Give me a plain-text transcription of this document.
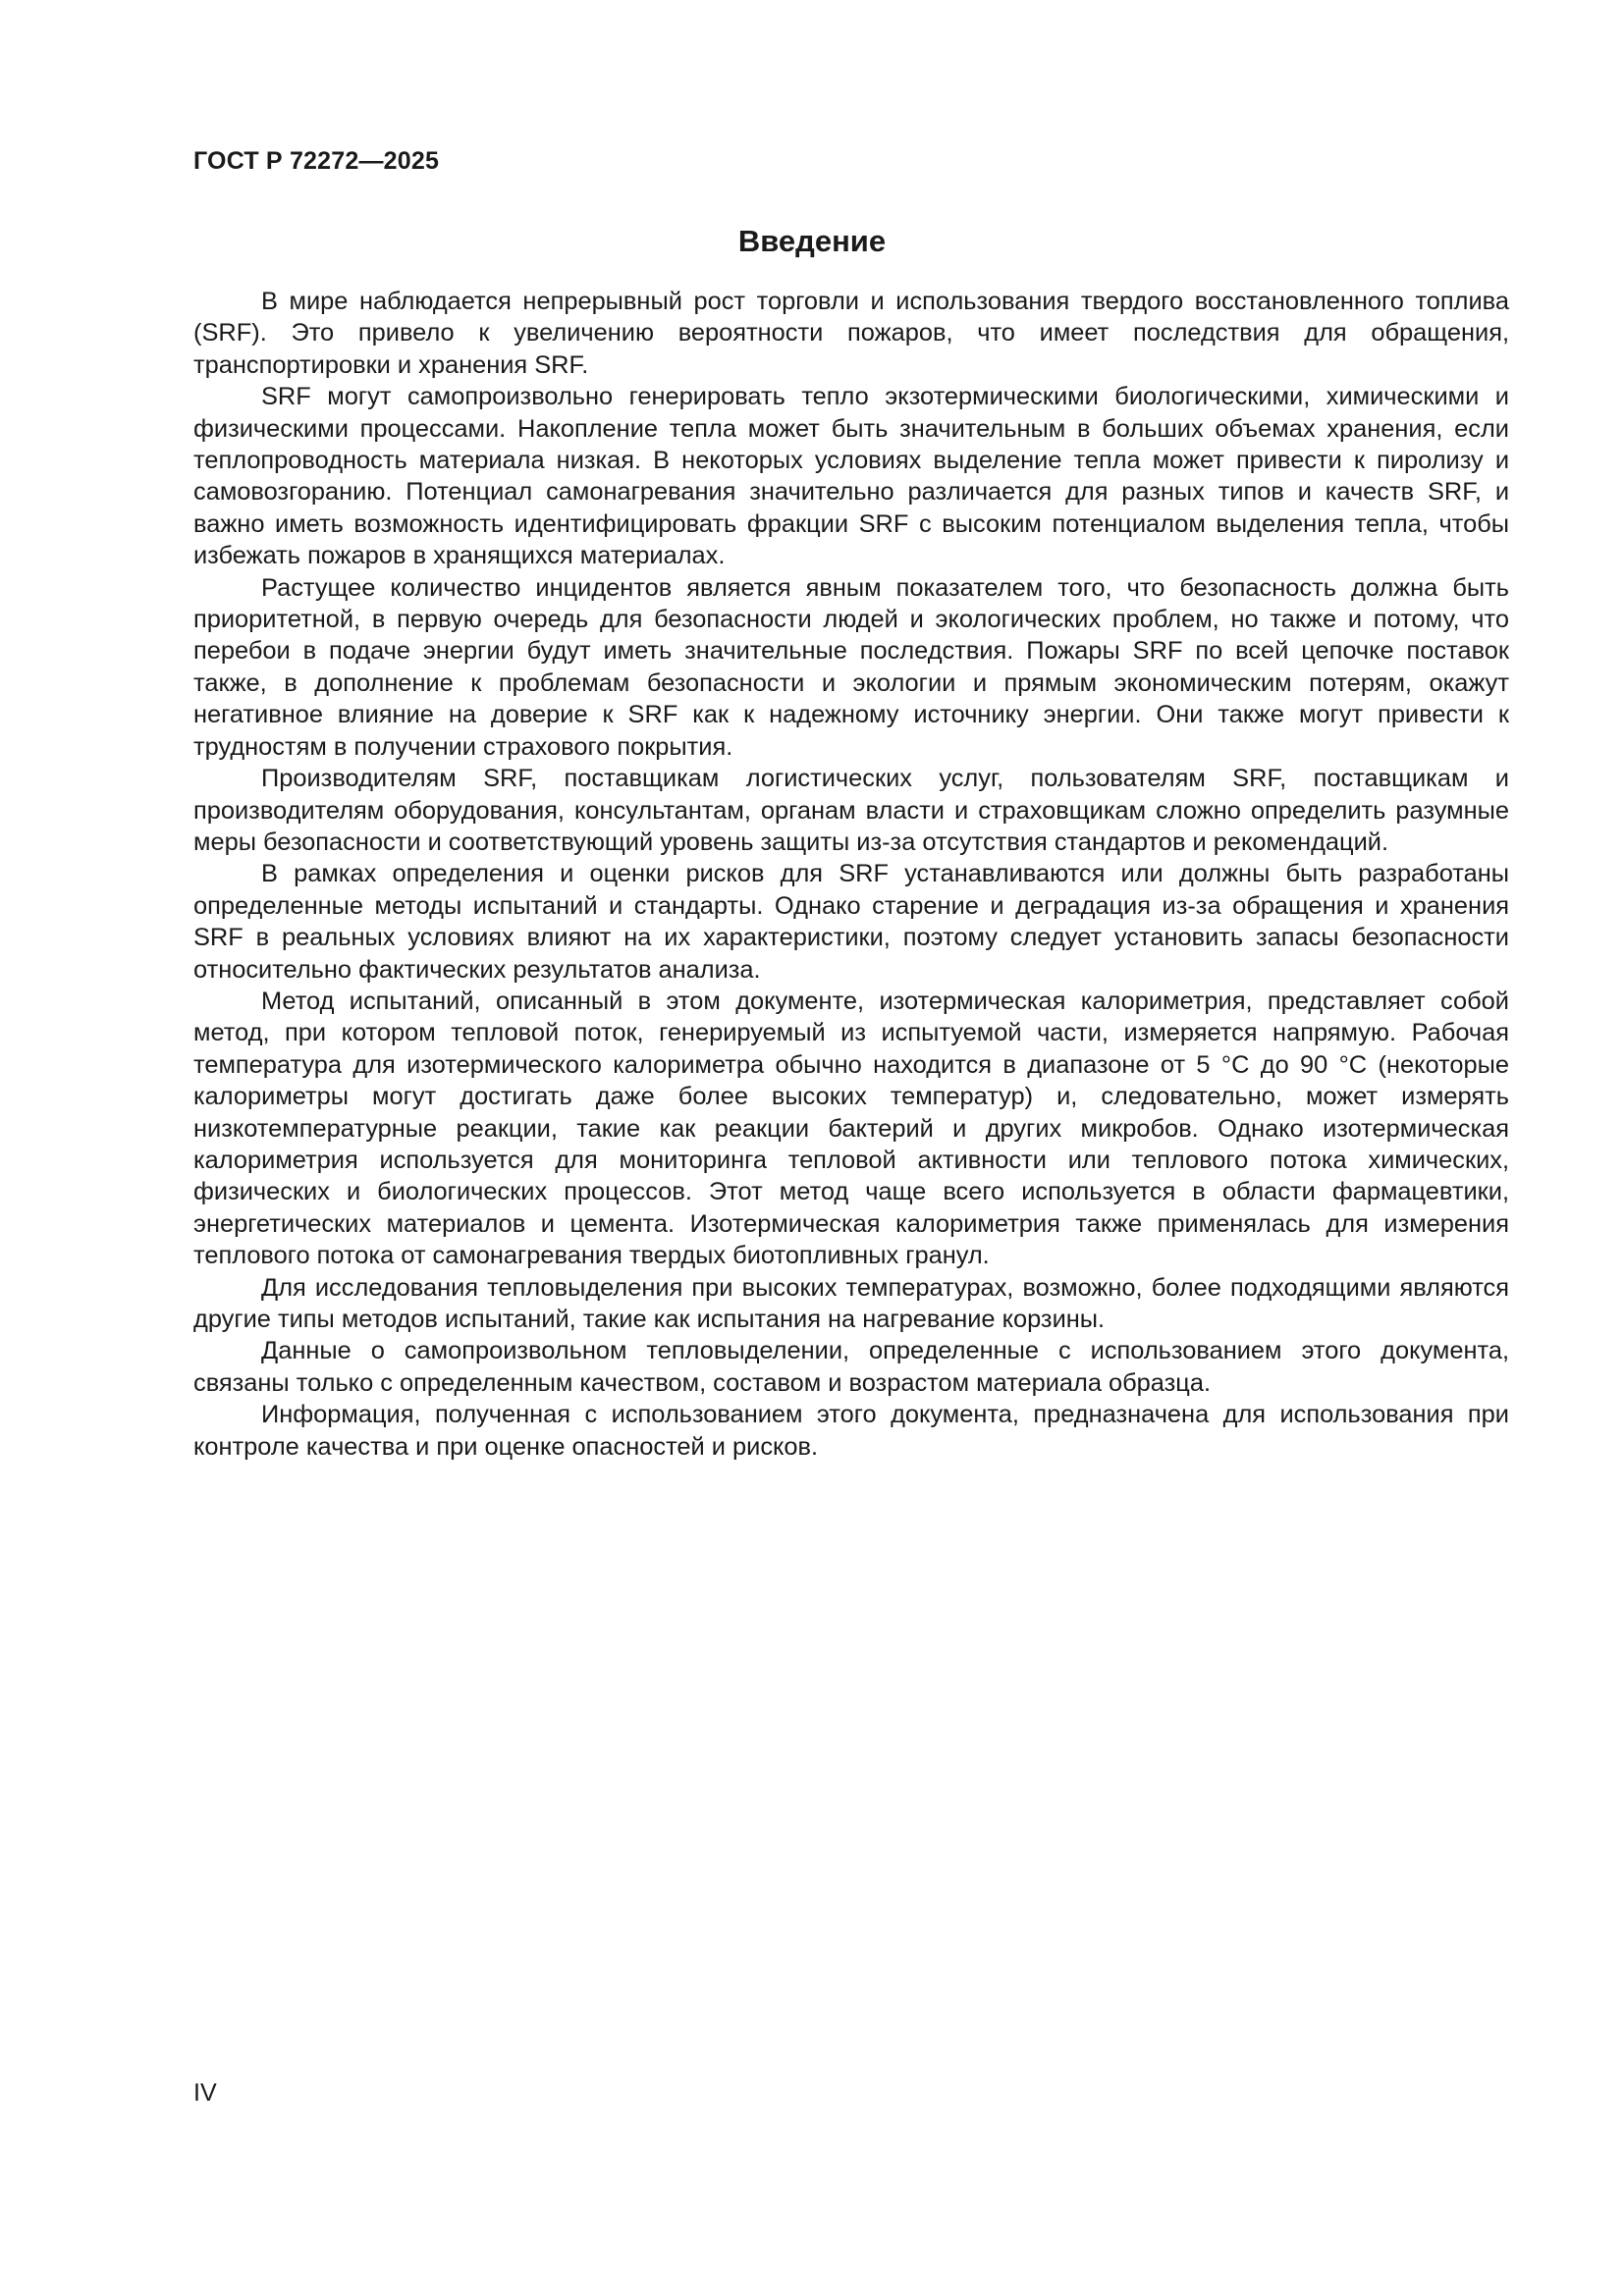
ГОСТ Р 72272—2025
Введение

В мире наблюдается непрерывный рост торговли и использования твердого восстановленного топлива (SRF). Это привело к увеличению вероятности пожаров, что имеет последствия для обращения, транспортировки и хранения SRF.

SRF могут самопроизвольно генерировать тепло экзотермическими биологическими, химическими и физическими процессами. Накопление тепла может быть значительным в больших объемах хранения, если теплопроводность материала низкая. В некоторых условиях выделение тепла может привести к пиролизу и самовозгоранию. Потенциал самонагревания значительно различается для разных типов и качеств SRF, и важно иметь возможность идентифицировать фракции SRF с высоким потенциалом выделения тепла, чтобы избежать пожаров в хранящихся материалах.

Растущее количество инцидентов является явным показателем того, что безопасность должна быть приоритетной, в первую очередь для безопасности людей и экологических проблем, но также и потому, что перебои в подаче энергии будут иметь значительные последствия. Пожары SRF по всей цепочке поставок также, в дополнение к проблемам безопасности и экологии и прямым экономическим потерям, окажут негативное влияние на доверие к SRF как к надежному источнику энергии. Они также могут привести к трудностям в получении страхового покрытия.

Производителям SRF, поставщикам логистических услуг, пользователям SRF, поставщикам и производителям оборудования, консультантам, органам власти и страховщикам сложно определить разумные меры безопасности и соответствующий уровень защиты из-за отсутствия стандартов и рекомендаций.

В рамках определения и оценки рисков для SRF устанавливаются или должны быть разработаны определенные методы испытаний и стандарты. Однако старение и деградация из-за обращения и хранения SRF в реальных условиях влияют на их характеристики, поэтому следует установить запасы безопасности относительно фактических результатов анализа.

Метод испытаний, описанный в этом документе, изотермическая калориметрия, представляет собой метод, при котором тепловой поток, генерируемый из испытуемой части, измеряется напрямую. Рабочая температура для изотермического калориметра обычно находится в диапазоне от 5 °C до 90 °C (некоторые калориметры могут достигать даже более высоких температур) и, следовательно, может измерять низкотемпературные реакции, такие как реакции бактерий и других микробов. Однако изотермическая калориметрия используется для мониторинга тепловой активности или теплового потока химических, физических и биологических процессов. Этот метод чаще всего используется в области фармацевтики, энергетических материалов и цемента. Изотермическая калориметрия также применялась для измерения теплового потока от самонагревания твердых биотопливных гранул.

Для исследования тепловыделения при высоких температурах, возможно, более подходящими являются другие типы методов испытаний, такие как испытания на нагревание корзины.

Данные о самопроизвольном тепловыделении, определенные с использованием этого документа, связаны только с определенным качеством, составом и возрастом материала образца.

Информация, полученная с использованием этого документа, предназначена для использования при контроле качества и при оценке опасностей и рисков.

IV
